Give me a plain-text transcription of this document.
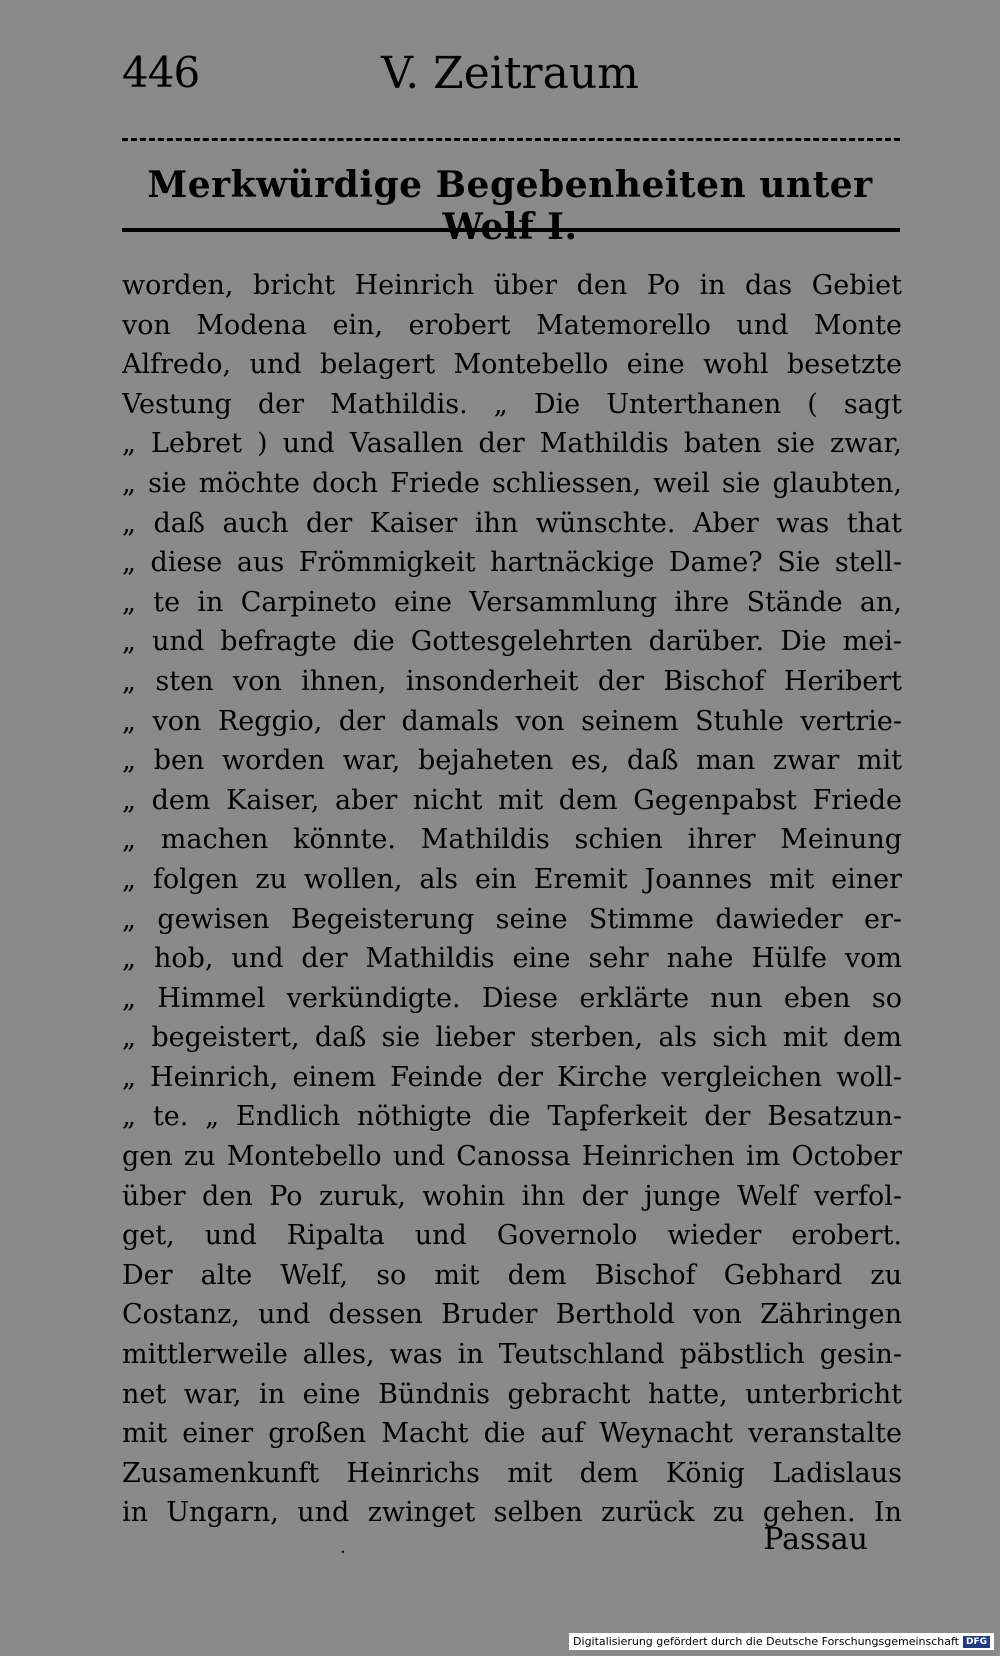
446	V. Zeitraum
Merkwürdige Begebenheiten unter Welf I.
worden, bricht Heinrich über den Po in das Gebiet
von Modena ein, erobert Matemorello und Monte
Alfredo, und belagert Montebello eine wohl besetzte
Vestung der Mathildis. „ Die Unterthanen ( sagt
„ Lebret ) und Vasallen der Mathildis baten sie zwar,
„ sie möchte doch Friede schliessen, weil sie glaubten,
„ daß auch der Kaiser ihn wünschte. Aber was that
„ diese aus Frömmigkeit hartnäckige Dame? Sie stell-
„ te in Carpineto eine Versammlung ihre Stände an,
„ und befragte die Gottesgelehrten darüber. Die mei-
„ sten von ihnen, insonderheit der Bischof Heribert
„ von Reggio, der damals von seinem Stuhle vertrie-
„ ben worden war, bejaheten es, daß man zwar mit
„ dem Kaiser, aber nicht mit dem Gegenpabst Friede
„ machen könnte. Mathildis schien ihrer Meinung
„ folgen zu wollen, als ein Eremit Joannes mit einer
„ gewisen Begeisterung seine Stimme dawieder er-
„ hob, und der Mathildis eine sehr nahe Hülfe vom
„ Himmel verkündigte. Diese erklärte nun eben so
„ begeistert, daß sie lieber sterben, als sich mit dem
„ Heinrich, einem Feinde der Kirche vergleichen woll-
„ te. „ Endlich nöthigte die Tapferkeit der Besatzun-
gen zu Montebello und Canossa Heinrichen im October
über den Po zuruk, wohin ihn der junge Welf verfol-
get, und Ripalta und Governolo wieder erobert.
Der alte Welf, so mit dem Bischof Gebhard zu
Costanz, und dessen Bruder Berthold von Zähringen
mittlerweile alles, was in Teutschland päbstlich gesin-
net war, in eine Bündnis gebracht hatte, unterbricht
mit einer großen Macht die auf Weynacht veranstalte
Zusamenkunft Heinrichs mit dem König Ladislaus
in Ungarn, und zwinget selben zurück zu gehen. In
·	Passau
Digitalisierung gefördert durch die Deutsche Forschungsgemeinschaft DFG
